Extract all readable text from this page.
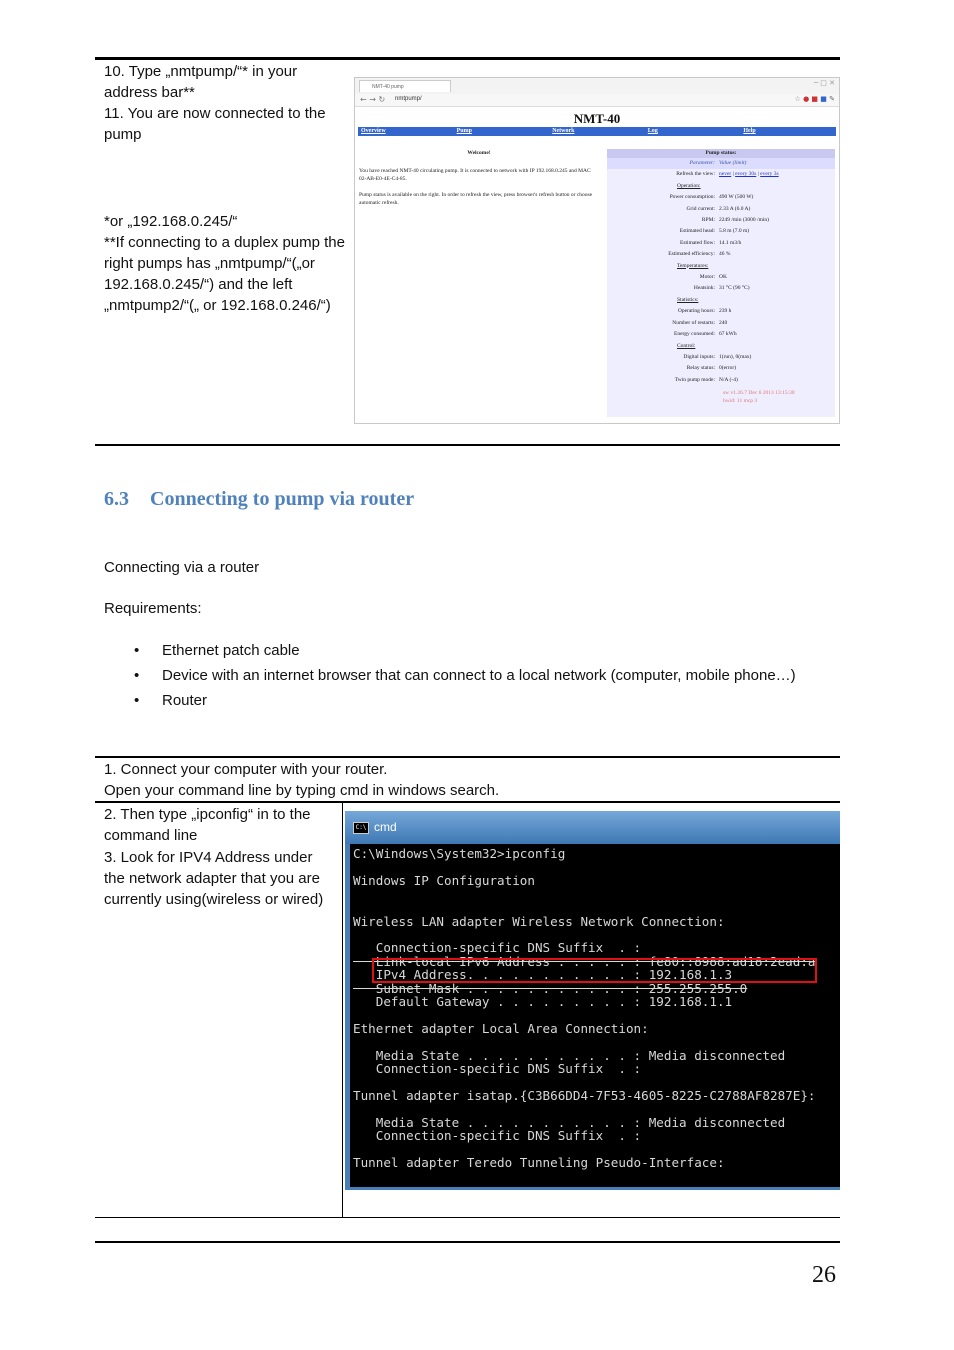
10. Type „nmtpump/“* in your address bar**
11. You are now connected to the pump
*or „192.168.0.245/“
**If connecting to a duplex pump the right pumps has „nmtpump/“(„or 192.168.0.245/“) and the left „nmtpump2/“(„ or 192.168.0.246/“)
NMT-40 pump	─ □ ✕
← → ↻ nmtpump/	☆ ● ■ ■ ✎
NMT-40
Overview	Pump	Network	Log	Help
Welcome!

You have reached NMT-40 circulating pump. It is connected to network with IP 192.168.0.245 and MAC 02-AB-E0-4E-C4-85.

Pump status is available on the right. In order to refresh the view, press browser's refresh button or choose automatic refresh.

Pump status:
Parameter: Value (limit)
Refresh the view: never | every 30s | every 3s
Operation:
Power consumption: 490 W (500 W)
Grid current: 2.33 A (6.0 A)
RPM: 2249 /min (3000 /min)
Estimated head: 5.8 m (7.0 m)
Estimated flow: 14.1 m3/h
Estimated efficiency: 46 %
Temperatures:
Motor: OK
Heatsink: 31 °C (90 °C)
Statistics:
Operating hours: 239 h
Number of restarts: 240
Energy consumed: 67 kWh
Control:
Digital inputs: 1(run), 0(max)
Relay status: 0(error)
Twin pump mode: N/A (-4)
sw v1.26.7 Dec 6 2013 13:15:38
hwid: 11 mcp 3
6.3 Connecting to pump via router
Connecting via a router
Requirements:
• Ethernet patch cable
• Device with an internet browser that can connect to a local network (computer, mobile phone…)
• Router
1. Connect your computer with your router.
Open your command line by typing cmd in windows search.
2. Then type „ipconfig“ in to the command line
3. Look for IPV4 Address under the network adapter that you are currently using(wireless or wired)
C:\ cmd
C:\Windows\System32>ipconfig
Windows IP Configuration
Wireless LAN adapter Wireless Network Connection:
Connection-specific DNS Suffix  . :
Link-local IPv6 Address . . . . . : fe80::8988:ad18:2ead:a
IPv4 Address. . . . . . . . . . . : 192.168.1.3
Subnet Mask . . . . . . . . . . . : 255.255.255.0
Default Gateway . . . . . . . . . : 192.168.1.1
Ethernet adapter Local Area Connection:
Media State . . . . . . . . . . . : Media disconnected
Connection-specific DNS Suffix  . :
Tunnel adapter isatap.{C3B66DD4-7F53-4605-8225-C2788AF8287E}:
Media State . . . . . . . . . . . : Media disconnected
Connection-specific DNS Suffix  . :
Tunnel adapter Teredo Tunneling Pseudo-Interface:
26
